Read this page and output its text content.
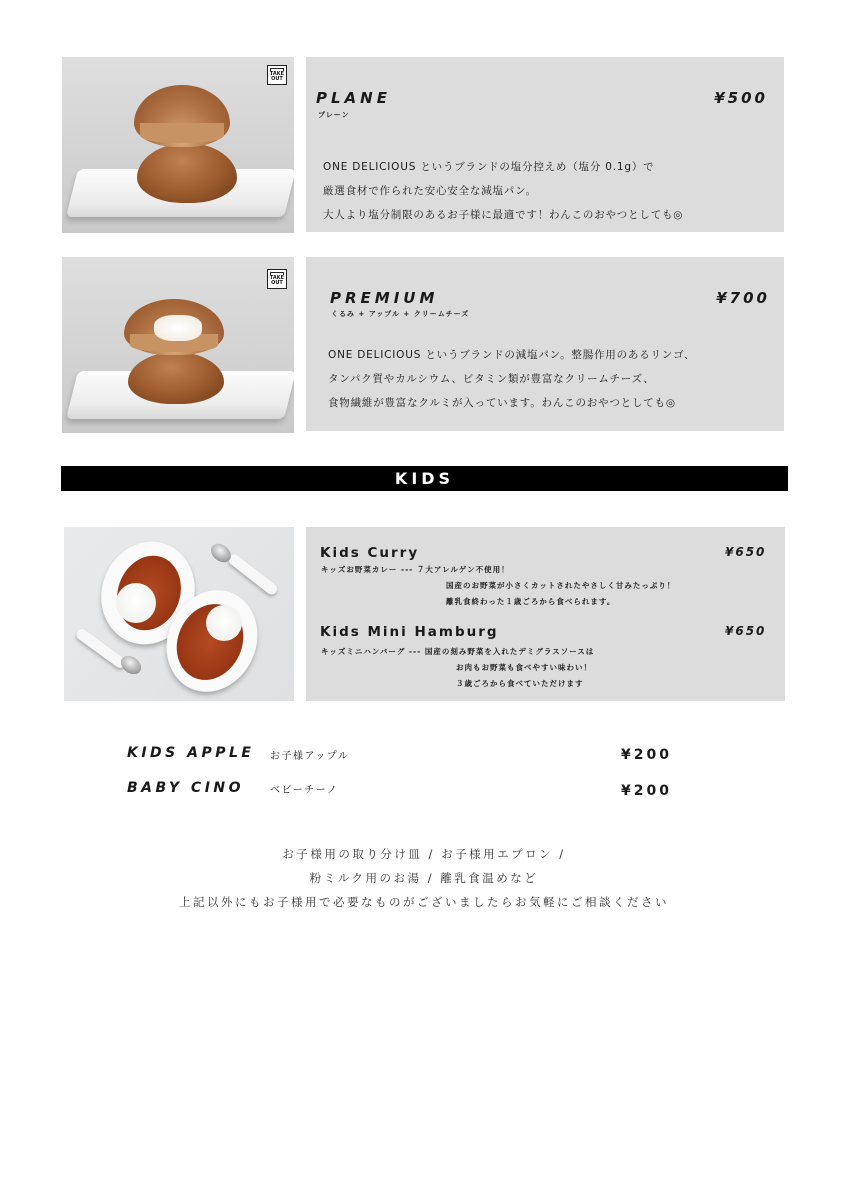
TAKE
OUT
PLANE
プレーン
¥500
ONE DELICIOUS というブランドの塩分控えめ（塩分 0.1g）で
厳選食材で作られた安心安全な減塩パン。
大人より塩分制限のあるお子様に最適です！わんこのおやつとしても◎
TAKE
OUT
PREMIUM
くるみ + アップル + クリームチーズ
¥700
ONE DELICIOUS というブランドの減塩パン。整腸作用のあるリンゴ、
タンパク質やカルシウム、ビタミン類が豊富なクリームチーズ、
食物繊維が豊富なクルミが入っています。わんこのおやつとしても◎
KIDS
Kids Curry	¥650
キッズお野菜カレー --- ７大アレルゲン不使用！
国産のお野菜が小さくカットされたやさしく甘みたっぷり！
離乳食終わった１歳ごろから食べられます。
Kids Mini Hamburg	¥650
キッズミニハンバーグ --- 国産の刻み野菜を入れたデミグラスソースは
お肉もお野菜も食べやすい味わい！
３歳ごろから食べていただけます
KIDS APPLE お子様アップル	¥200
BABY CINO	ベビーチーノ	¥200
お子様用の取り分け皿 / お子様用エプロン /
粉ミルク用のお湯 / 離乳食温めなど
上記以外にもお子様用で必要なものがございましたらお気軽にご相談ください
